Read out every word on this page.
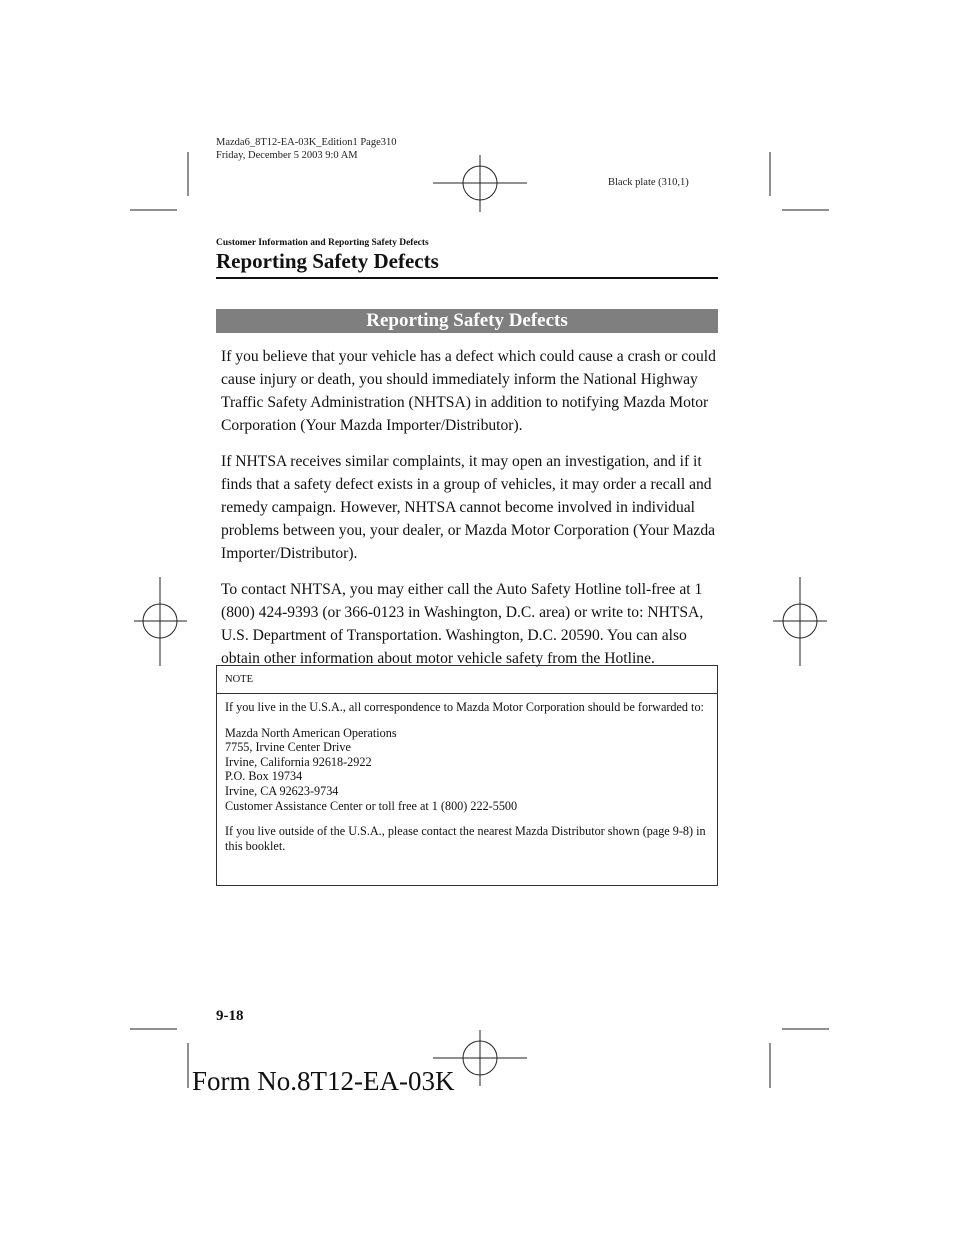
Mazda6_8T12-EA-03K_Edition1 Page310
Friday, December 5 2003 9:0 AM
Black plate (310,1)
Customer Information and Reporting Safety Defects
Reporting Safety Defects
Reporting Safety Defects

If you believe that your vehicle has a defect which could cause a crash or could cause injury or death, you should immediately inform the National Highway Traffic Safety Administration (NHTSA) in addition to notifying Mazda Motor Corporation (Your Mazda Importer/Distributor).

If NHTSA receives similar complaints, it may open an investigation, and if it finds that a safety defect exists in a group of vehicles, it may order a recall and remedy campaign. However, NHTSA cannot become involved in individual problems between you, your dealer, or Mazda Motor Corporation (Your Mazda Importer/Distributor).

To contact NHTSA, you may either call the Auto Safety Hotline toll-free at 1 (800) 424-9393 (or 366-0123 in Washington, D.C. area) or write to: NHTSA, U.S. Department of Transportation. Washington, D.C. 20590. You can also obtain other information about motor vehicle safety from the Hotline.

NOTE

If you live in the U.S.A., all correspondence to Mazda Motor Corporation should be forwarded to:

Mazda North American Operations
7755, Irvine Center Drive
Irvine, California 92618-2922
P.O. Box 19734
Irvine, CA 92623-9734
Customer Assistance Center or toll free at 1 (800) 222-5500

If you live outside of the U.S.A., please contact the nearest Mazda Distributor shown (page 9-8) in this booklet.

9-18
Form No.8T12-EA-03K
